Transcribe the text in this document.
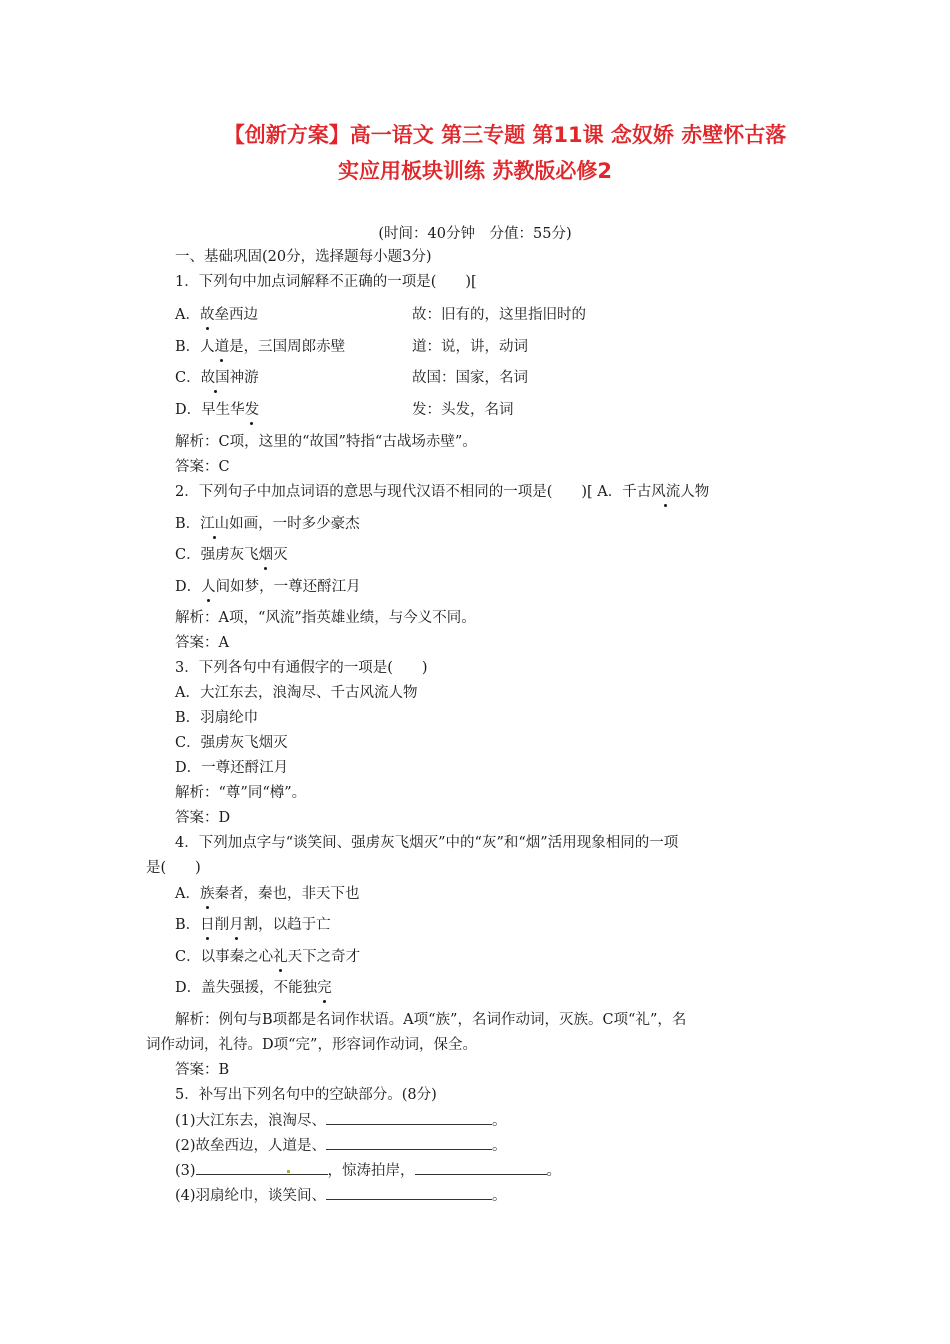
【创新方案】高一语文 第三专题 第11课 念奴娇 赤壁怀古落
实应用板块训练 苏教版必修2
(时间：40分钟　分值：55分)
一、基础巩固(20分，选择题每小题3分)
1．下列句中加点词解释不正确的一项是(　　)[
A．故垒西边	故：旧有的，这里指旧时的
B．人道是，三国周郎赤壁	道：说，讲，动词
C．故国神游	故国：国家，名词
D．早生华发	发：头发，名词
解析：C项，这里的“故国”特指“古战场赤壁”。
答案：C
2．下列句子中加点词语的意思与现代汉语不相同的一项是(　　)[ A．千古风流人物
B．江山如画，一时多少豪杰
C．强虏灰飞烟灭
D．人间如梦，一尊还酹江月
解析：A项，“风流”指英雄业绩，与今义不同。
答案：A
3．下列各句中有通假字的一项是(　　)
A．大江东去，浪淘尽、千古风流人物
B．羽扇纶巾
C．强虏灰飞烟灭
D．一尊还酹江月
解析：“尊”同“樽”。
答案：D
4．下列加点字与“谈笑间、强虏灰飞烟灭”中的“灰”和“烟”活用现象相同的一项
是(　　)
A．族秦者，秦也，非天下也
B．日削月割，以趋于亡
C．以事秦之心礼天下之奇才
D．盖失强援，不能独完
解析：例句与B项都是名词作状语。A项“族”，名词作动词，灭族。C项“礼”，名
词作动词，礼待。D项“完”，形容词作动词，保全。
答案：B
5．补写出下列名句中的空缺部分。(8分)
(1)大江东去，浪淘尽、	。
(2)故垒西边，人道是、	。
(3)	，惊涛拍岸，	。
(4)羽扇纶巾，谈笑间、	。
